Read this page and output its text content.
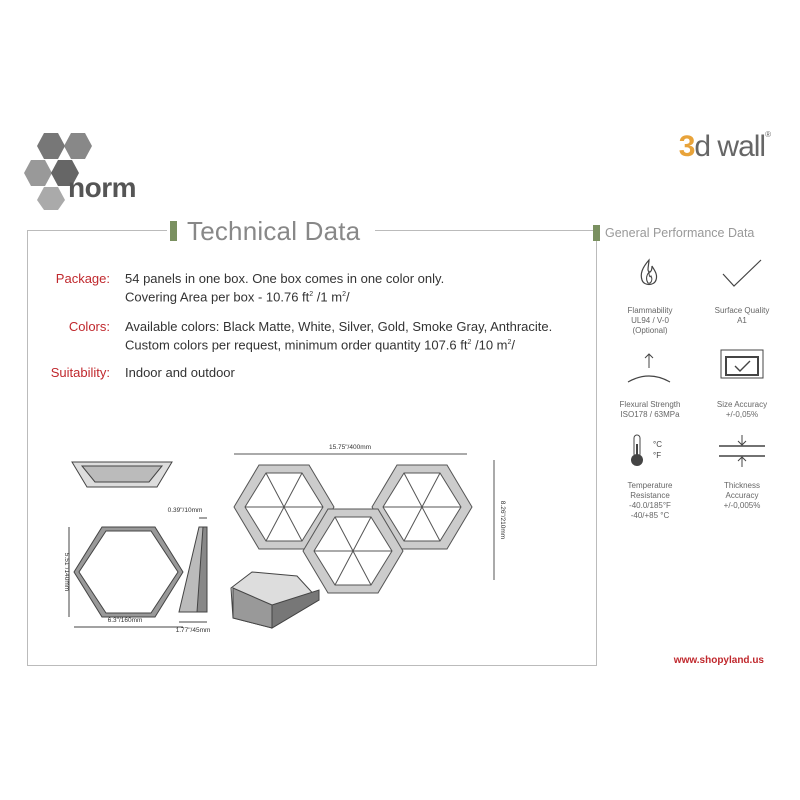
norm
3d wall®
Technical Data
Package: 54 panels in one box. One box comes in one color only.
Covering Area per box - 10.76 $ft^2$ /1 $m^2/$
Colors: Available colors: Black Matte, White, Silver, Gold, Smoke Gray, Anthracite.
Custom colors per request, minimum order quantity 107.6 $ft^2$ /10 $m^2/$
Suitability: Indoor and outdoor
6.3"/160mm
5.51"/140mm
0.39"/10mm
1.77"/45mm
15.75"/400mm
8.26"/210mm
General Performance Data
Flammability
UL94 / V-0
(Optional)
Surface Quality
A1
Flexural Strength
ISO178 / 63MPa
Size Accuracy
+/-0,05%
°C
°F
Temperature
Resistance
-40.0/185°F
-40/+85 °C
Thickness
Accuracy
+/-0,005%
www.shopyland.us
